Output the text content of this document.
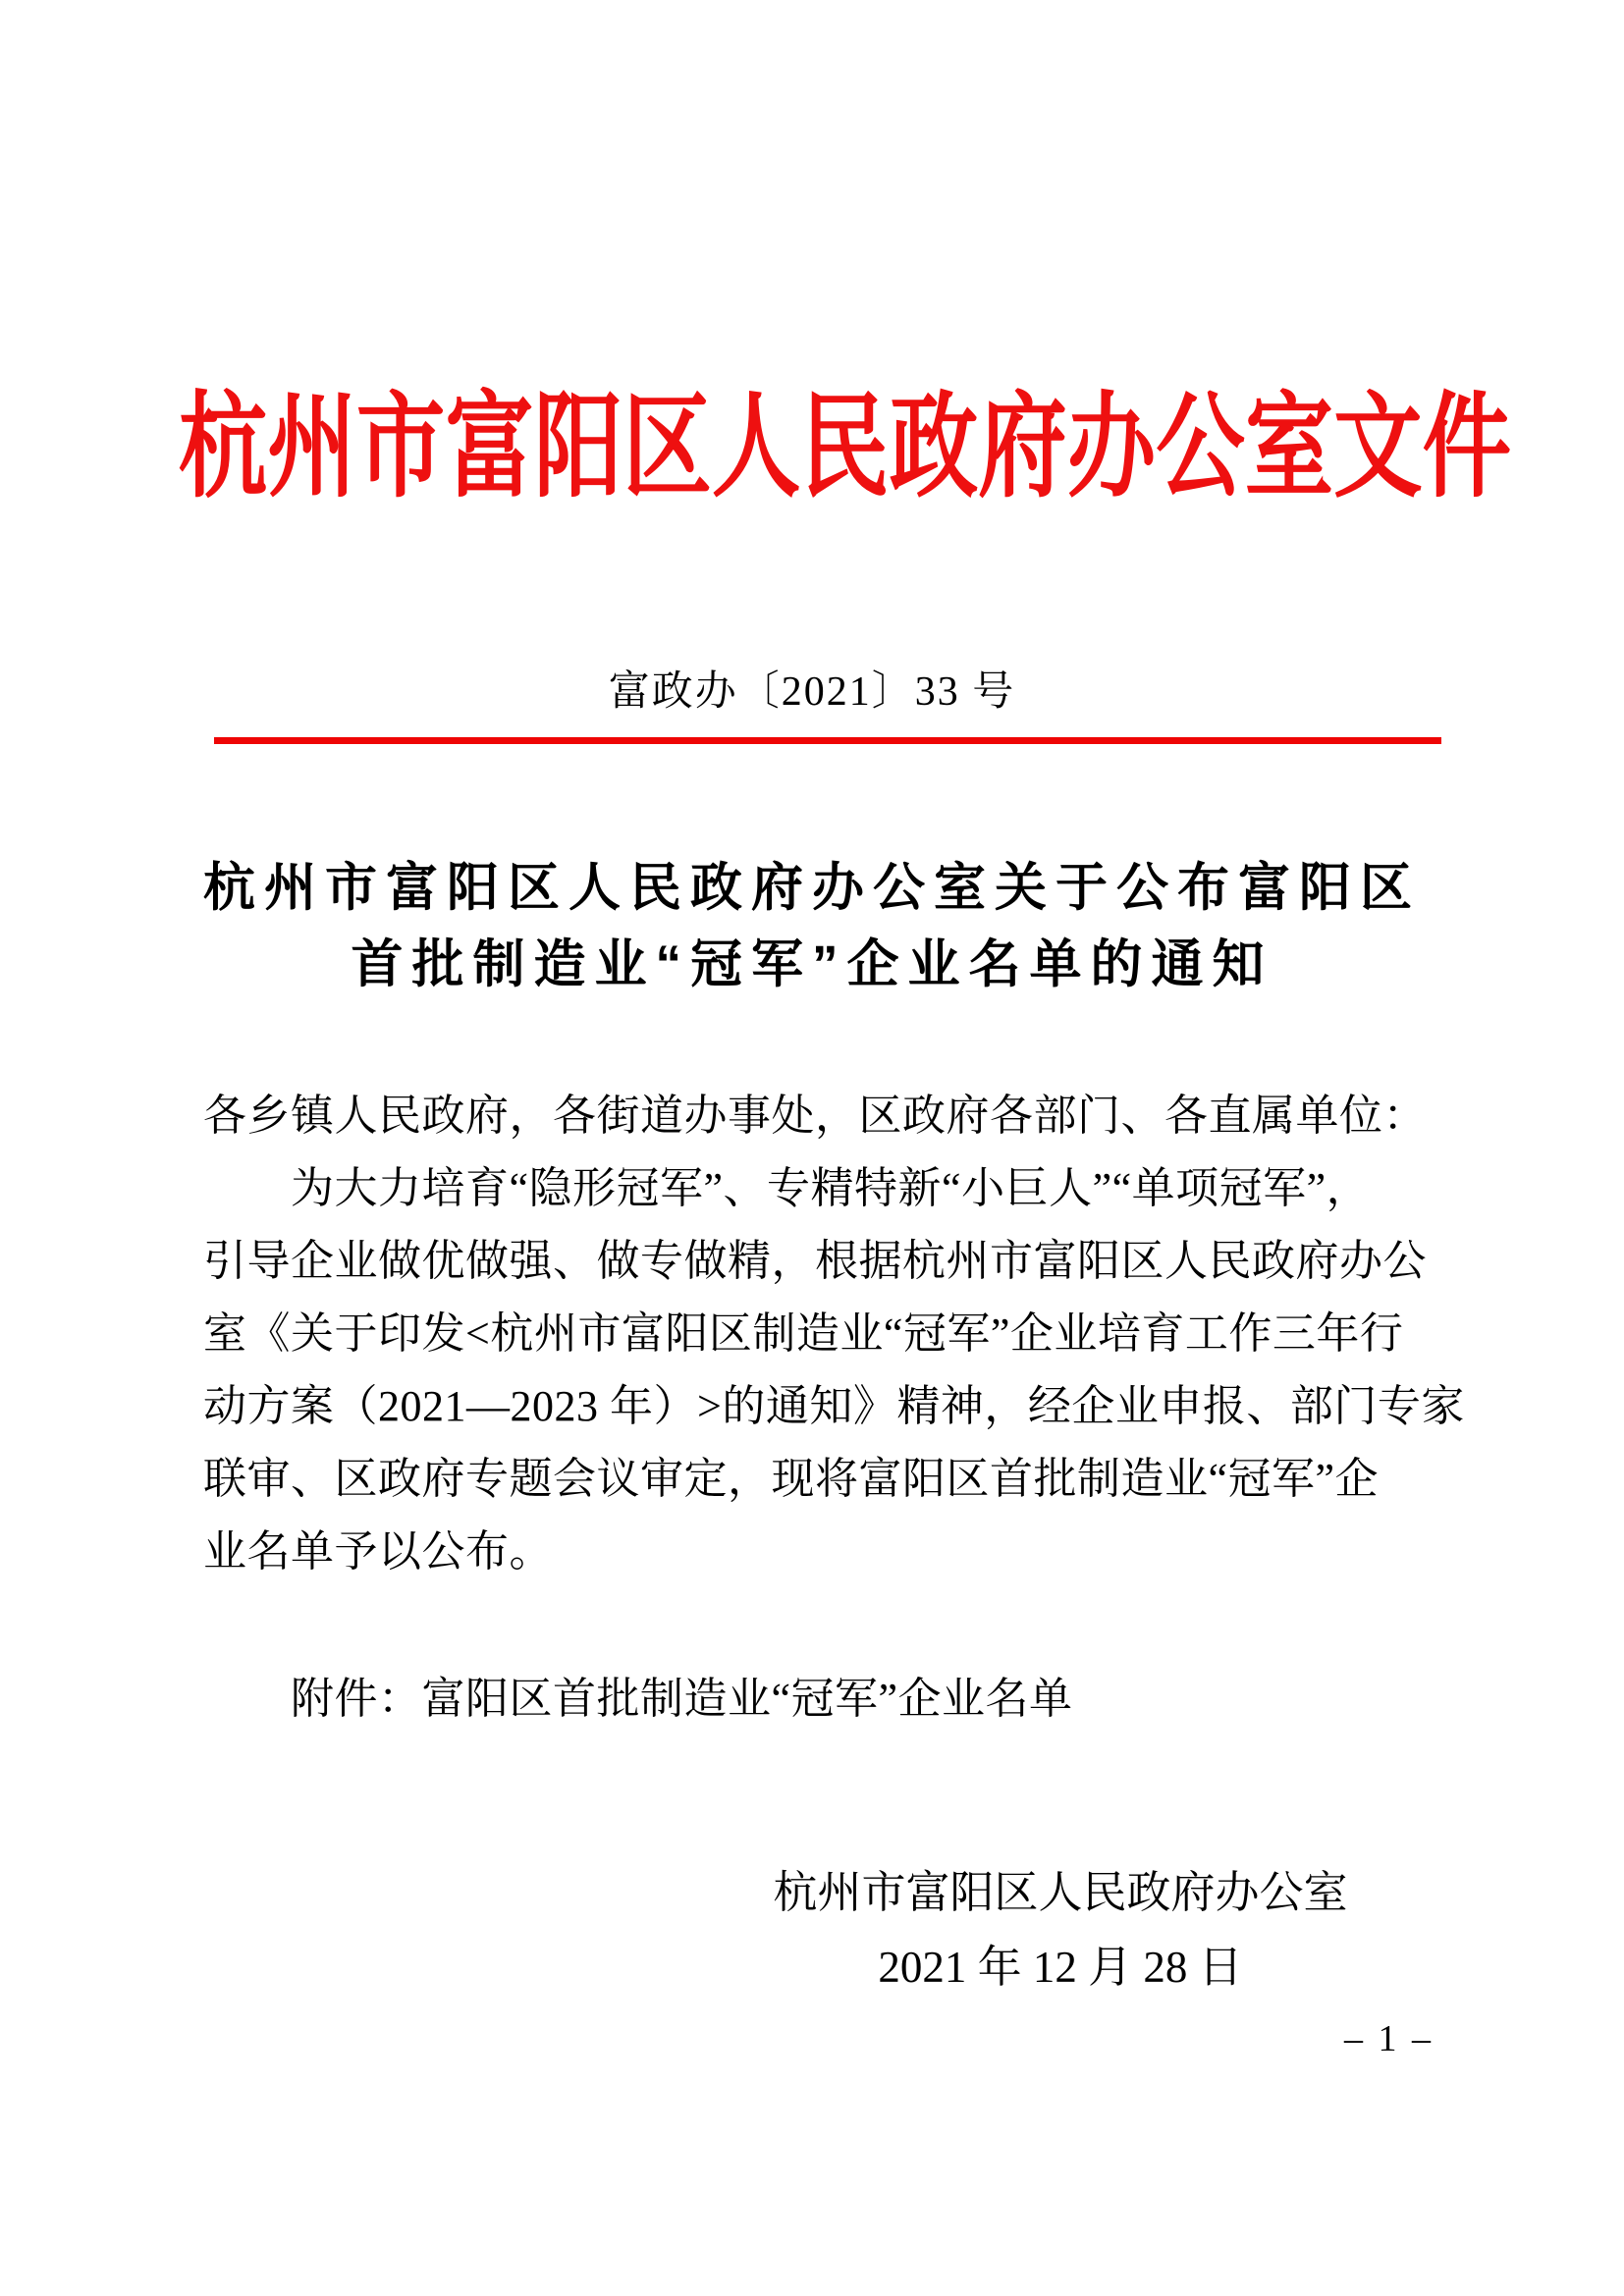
杭州市富阳区人民政府办公室文件
富政办〔2021〕33 号
杭州市富阳区人民政府办公室关于公布富阳区
首批制造业“冠军”企业名单的通知
各乡镇人民政府，各街道办事处，区政府各部门、各直属单位：
为大力培育“隐形冠军”、专精特新“小巨人”“单项冠军”，
引导企业做优做强、做专做精，根据杭州市富阳区人民政府办公
室《关于印发<杭州市富阳区制造业“冠军”企业培育工作三年行
动方案（2021—2023 年）>的通知》精神，经企业申报、部门专家
联审、区政府专题会议审定，现将富阳区首批制造业“冠军”企
业名单予以公布。
附件：富阳区首批制造业“冠军”企业名单
杭州市富阳区人民政府办公室
2021 年 12 月 28 日
– 1 –
